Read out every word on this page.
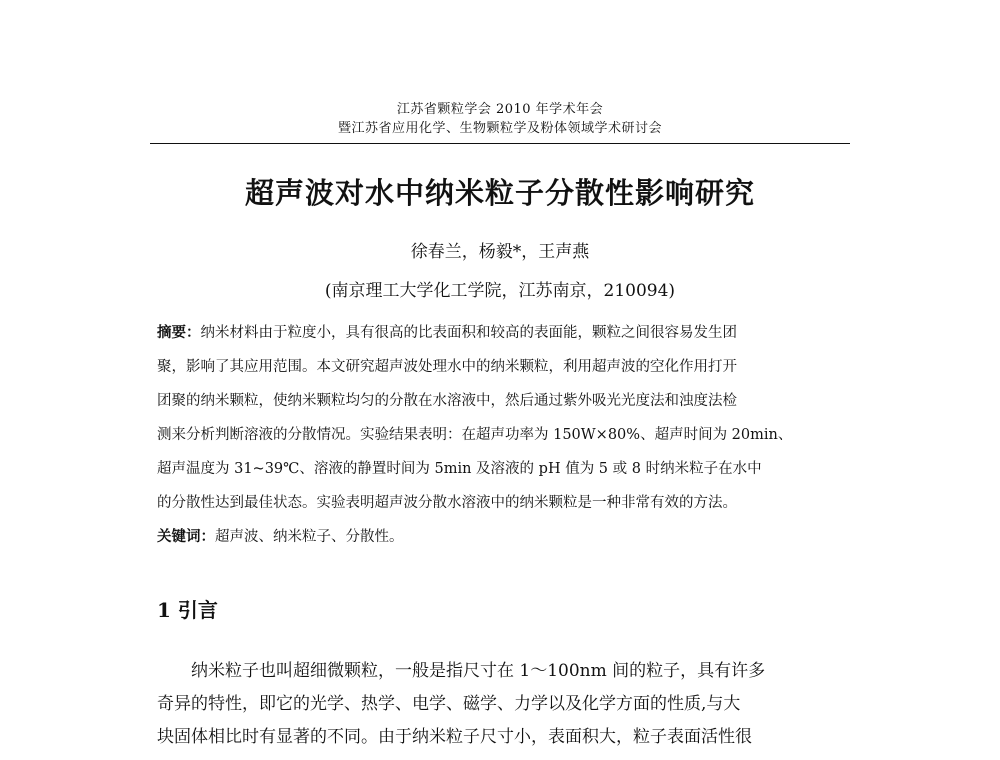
江苏省颗粒学会 2010 年学术年会
暨江苏省应用化学、生物颗粒学及粉体领域学术研讨会
超声波对水中纳米粒子分散性影响研究
徐春兰，杨毅*，王声燕
(南京理工大学化工学院，江苏南京，210094)
摘要：纳米材料由于粒度小，具有很高的比表面积和较高的表面能，颗粒之间很容易发生团
聚，影响了其应用范围。本文研究超声波处理水中的纳米颗粒，利用超声波的空化作用打开
团聚的纳米颗粒，使纳米颗粒均匀的分散在水溶液中，然后通过紫外吸光光度法和浊度法检
测来分析判断溶液的分散情况。实验结果表明：在超声功率为 150W×80%、超声时间为 20min、
超声温度为 31~39℃、溶液的静置时间为 5min 及溶液的 pH 值为 5 或 8 时纳米粒子在水中
的分散性达到最佳状态。实验表明超声波分散水溶液中的纳米颗粒是一种非常有效的方法。
关键词：超声波、纳米粒子、分散性。
1 引言
纳米粒子也叫超细微颗粒，一般是指尺寸在 1～100nm 间的粒子，具有许多
奇异的特性，即它的光学、热学、电学、磁学、力学以及化学方面的性质,与大
块固体相比时有显著的不同。由于纳米粒子尺寸小，表面积大，粒子表面活性很
